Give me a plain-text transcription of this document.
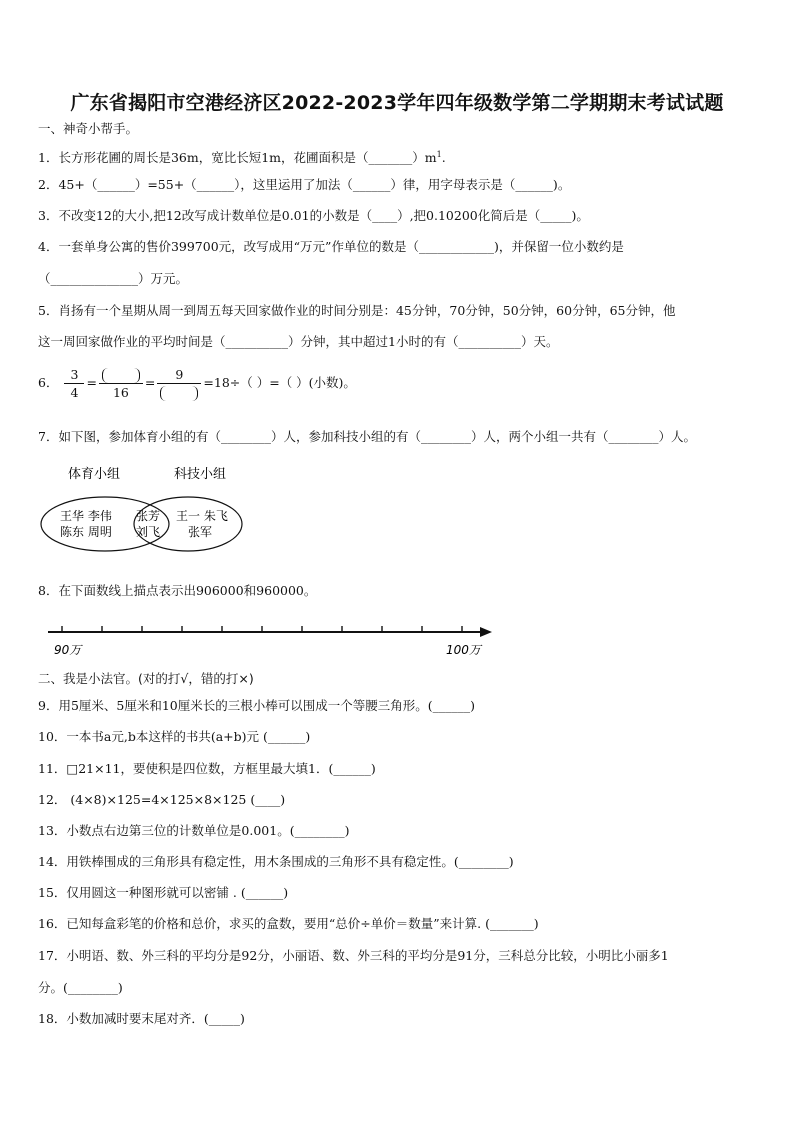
广东省揭阳市空港经济区2022-2023学年四年级数学第二学期期末考试试题
一、神奇小帮手。
1．长方形花圃的周长是36m，宽比长短1m，花圃面积是$(\_\_\_\_\_\_\_)m^1$.
2．45+（______）=55+（______），这里运用了加法（______）律，用字母表示是（______)。
3．不改变12的大小,把12改写成计数单位是0.01的小数是（____）,把0.10200化简后是（_____)。
4．一套单身公寓的售价399700元，改写成用“万元”作单位的数是（____________)，并保留一位小数约是
（______________）万元。
5．肖扬有一个星期从周一到周五每天回家做作业的时间分别是：45分钟，70分钟，50分钟，60分钟，65分钟，他
这一周回家做作业的平均时间是（__________）分钟，其中超过1小时的有（__________）天。
6． $\frac{3}{4}$ =
16
=
9
=18÷（ ）=（ ）(小数)。
7．如下图，参加体育小组的有（________）人，参加科技小组的有（________）人，两个小组一共有（________）人。
体育小组	科技小组
王华 李伟
陈东 周明
张芳
刘飞
王一 朱飞
张军
8．在下面数线上描点表示出906000和960000。
90万	100万
二、我是小法官。(对的打√，错的打×)
9．用5厘米、5厘米和10厘米长的三根小棒可以围成一个等腰三角形。(______)
10．一本书a元,b本这样的书共(a+b)元 (______)
11．□21×11，要使积是四位数，方框里最大填1．(______)
12． (4×8)×125=4×125×8×125 (____)
13．小数点右边第三位的计数单位是0.001。(________)
14．用铁棒围成的三角形具有稳定性，用木条围成的三角形不具有稳定性。(________)
15．仅用圆这一种图形就可以密铺 . (______)
16．已知每盒彩笔的价格和总价，求买的盒数，要用“总价÷单价＝数量”来计算. (_______)
17．小明语、数、外三科的平均分是92分，小丽语、数、外三科的平均分是91分，三科总分比较，小明比小丽多1
分。(________)
18．小数加减时要末尾对齐．(_____)
